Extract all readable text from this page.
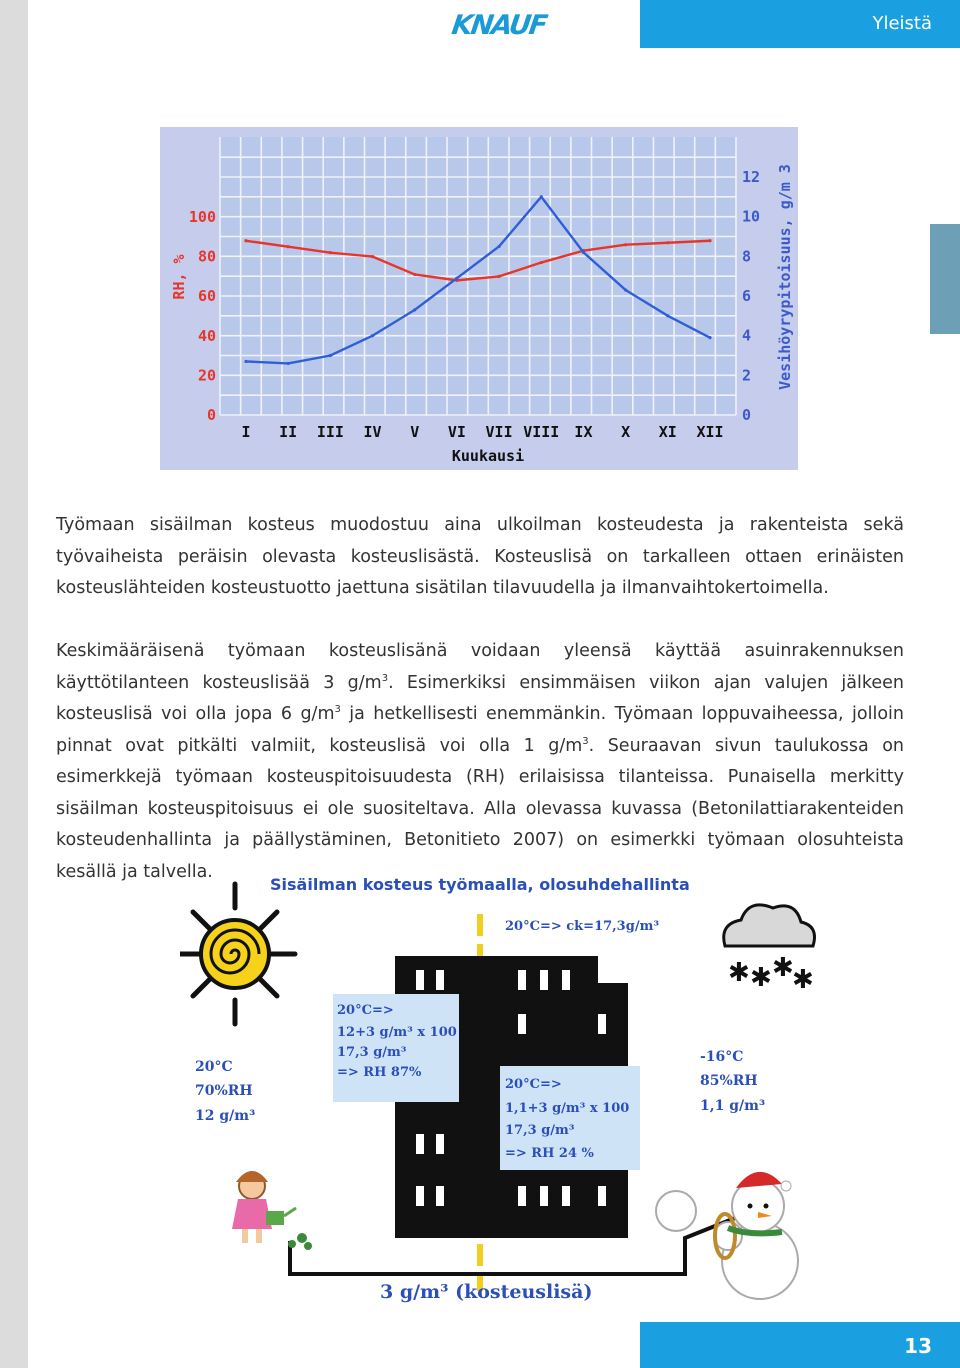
KNAUF	Yleistä
0
20
40
60
80
100
0
2
4
6
8
10
12
I II III IV V VI VII VIII IX X XI XII
Kuukausi
RH, %	Vesihöyrypitoisuus, g/m 3

Työmaan sisäilman kosteus muodostuu aina ulkoilman kosteudesta ja rakenteista sekä työvaiheista peräisin olevasta kosteuslisästä. Kosteuslisä on tarkalleen ottaen erinäisten kosteuslähteiden kosteustuotto jaettuna sisätilan tilavuudella ja ilmanvaihtokertoimella.

Keskimääräisenä työmaan kosteuslisänä voidaan yleensä käyttää asuinrakennuksen käyttötilanteen kosteuslisää 3 $g/m^3$. Esimerkiksi ensimmäisen viikon ajan valujen jälkeen kosteuslisä voi olla jopa 6 $g/m^3$ ja hetkellisesti enemmänkin. Työmaan loppuvaiheessa, jolloin pinnat ovat pitkälti valmiit, kosteuslisä voi olla 1 $g/m^3$. Seuraavan sivun taulukossa on esimerkkejä työmaan kosteuspitoisuudesta (RH) erilaisissa tilanteissa. Punaisella merkitty sisäilman kosteuspitoisuus ei ole suositeltava. Alla olevassa kuvassa (Betonilattiarakenteiden kosteudenhallinta ja päällystäminen, Betonitieto 2007) on esimerkki työmaan olosuhteista kesällä ja talvella.

Sisäilman kosteus työmaalla, olosuhdehallinta
20°C=> ck=17,3g/m³
20°C=>
12+3 g/m³ x 100
17,3 g/m³
=> RH 87%
20°C=>
1,1+3 g/m³ x 100
17,3 g/m³
=> RH 24 %
20°C
70%RH
12 g/m³
-16°C
85%RH
1,1 g/m³
✱ ✱ ✱
✱
3 g/m³ (kosteuslisä)
13
